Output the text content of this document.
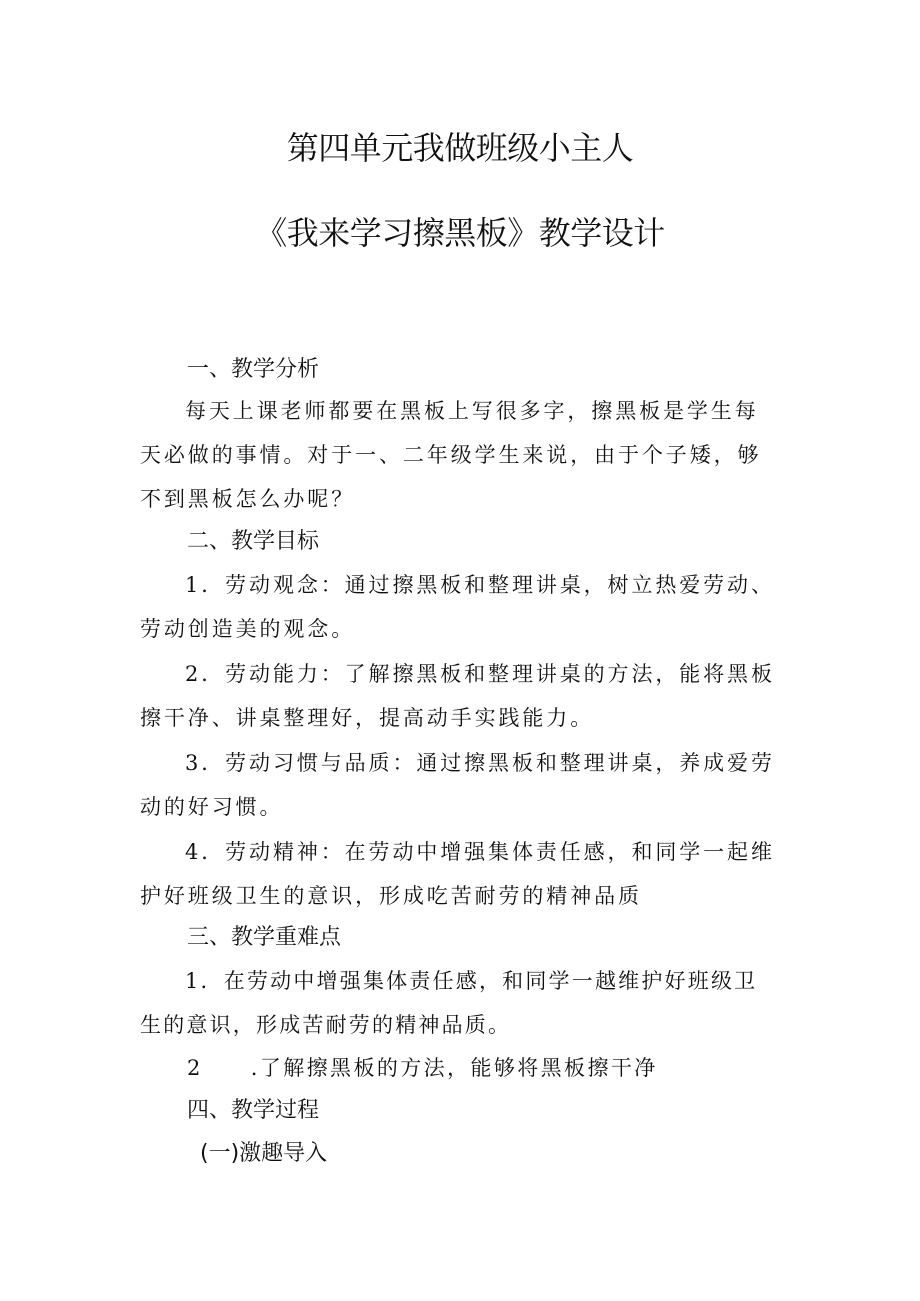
第四单元我做班级小主人
《我来学习擦黑板》教学设计
一、教学分析
每天上课老师都要在黑板上写很多字，擦黑板是学生每天必做的事情。对于一、二年级学生来说，由于个子矮，够不到黑板怎么办呢？
二、教学目标
1．劳动观念：通过擦黑板和整理讲桌，树立热爱劳动、劳动创造美的观念。
2．劳动能力：了解擦黑板和整理讲桌的方法，能将黑板擦干净、讲桌整理好，提高动手实践能力。
3．劳动习惯与品质：通过擦黑板和整理讲桌，养成爱劳动的好习惯。
4．劳动精神：在劳动中增强集体责任感，和同学一起维护好班级卫生的意识，形成吃苦耐劳的精神品质
三、教学重难点
1．在劳动中增强集体责任感，和同学一越维护好班级卫生的意识，形成苦耐劳的精神品质。
2 .了解擦黑板的方法，能够将黑板擦干净
四、教学过程
(一)激趣导入
